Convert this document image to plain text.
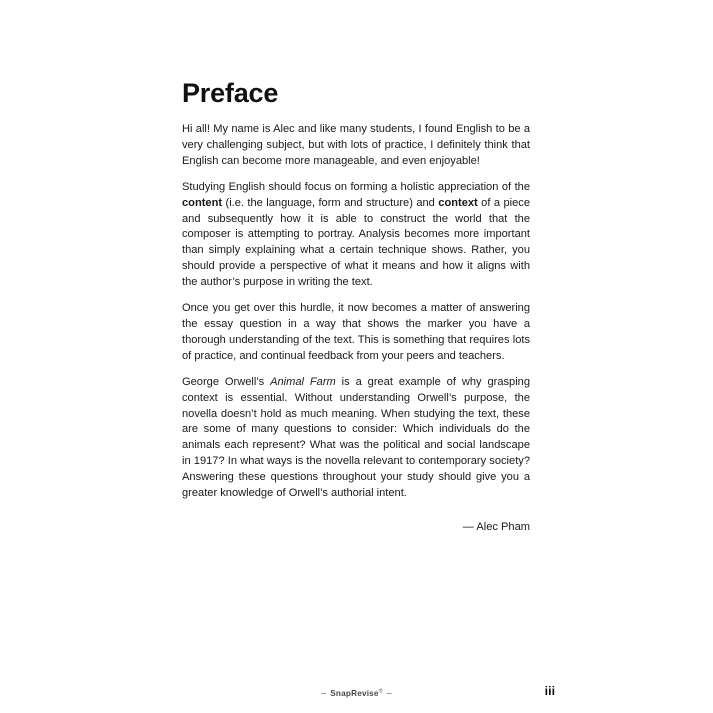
Preface

Hi all! My name is Alec and like many students, I found English to be a very challenging subject, but with lots of practice, I definitely think that English can become more manageable, and even enjoyable!

Studying English should focus on forming a holistic appreciation of the content (i.e. the language, form and structure) and context of a piece and subsequently how it is able to construct the world that the composer is attempting to portray. Analysis becomes more important than simply explaining what a certain technique shows. Rather, you should provide a perspective of what it means and how it aligns with the author’s purpose in writing the text.

Once you get over this hurdle, it now becomes a matter of answering the essay question in a way that shows the marker you have a thorough understanding of the text. This is something that requires lots of practice, and continual feedback from your peers and teachers.

George Orwell’s Animal Farm is a great example of why grasping context is essential. Without understanding Orwell’s purpose, the novella doesn’t hold as much meaning. When studying the text, these are some of many questions to consider: Which individuals do the animals each represent? What was the political and social landscape in 1917? In what ways is the novella relevant to contemporary society? Answering these questions throughout your study should give you a greater knowledge of Orwell’s authorial intent.

— Alec Pham

∼ SnapRevise® ∼	iii
